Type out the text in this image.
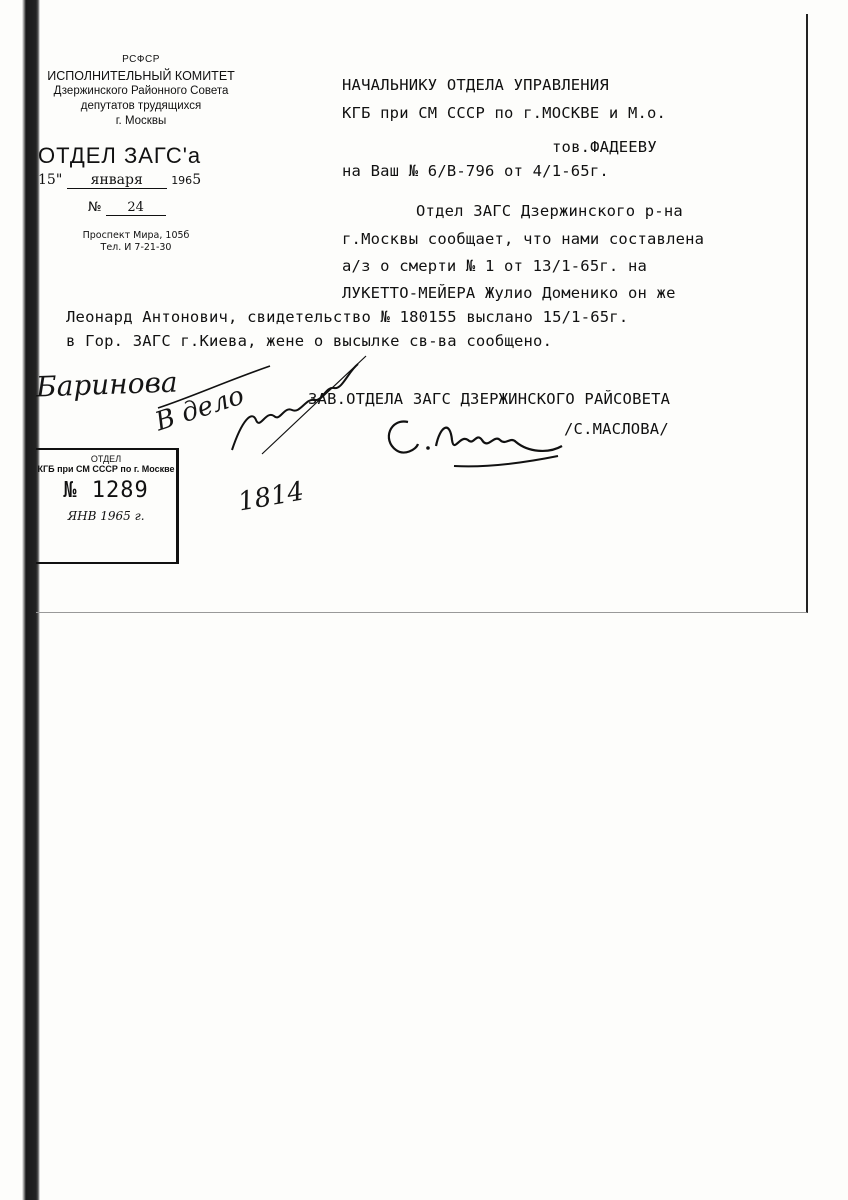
РСФСР
ИСПОЛНИТЕЛЬНЫЙ КОМИТЕТ
Дзержинского Районного Совета
депутатов трудящихся
г. Москвы
ОТДЕЛ ЗАГС'а
15" января	1965
№ 24
Проспект Мира, 105б
Тел. И 7-21-30
НАЧАЛЬНИКУ ОТДЕЛА УПРАВЛЕНИЯ
КГБ при СМ СССР по г.МОСКВЕ и М.о.
тов.ФАДЕЕВУ
на Ваш № 6/В-796 от 4/1-65г.
Отдел ЗАГС Дзержинского р-на
г.Москвы сообщает, что нами составлена
а/з о смерти № 1 от 13/1-65г. на
ЛУКЕТТО-МЕЙЕРА Жулио Доменико он же
Леонард Антонович, свидетельство № 180155 выслано 15/1-65г.
в Гор. ЗАГС г.Киева, жене о высылке св-ва сообщено.
ЗАВ.ОТДЕЛА ЗАГС ДЗЕРЖИНСКОГО РАЙСОВЕТА
/С.МАСЛОВА/
Баринова
В дело
1814
ОТДЕЛ
КГБ при СМ СССР по г. Москве
№ 1289
ЯНВ 1965 г.
